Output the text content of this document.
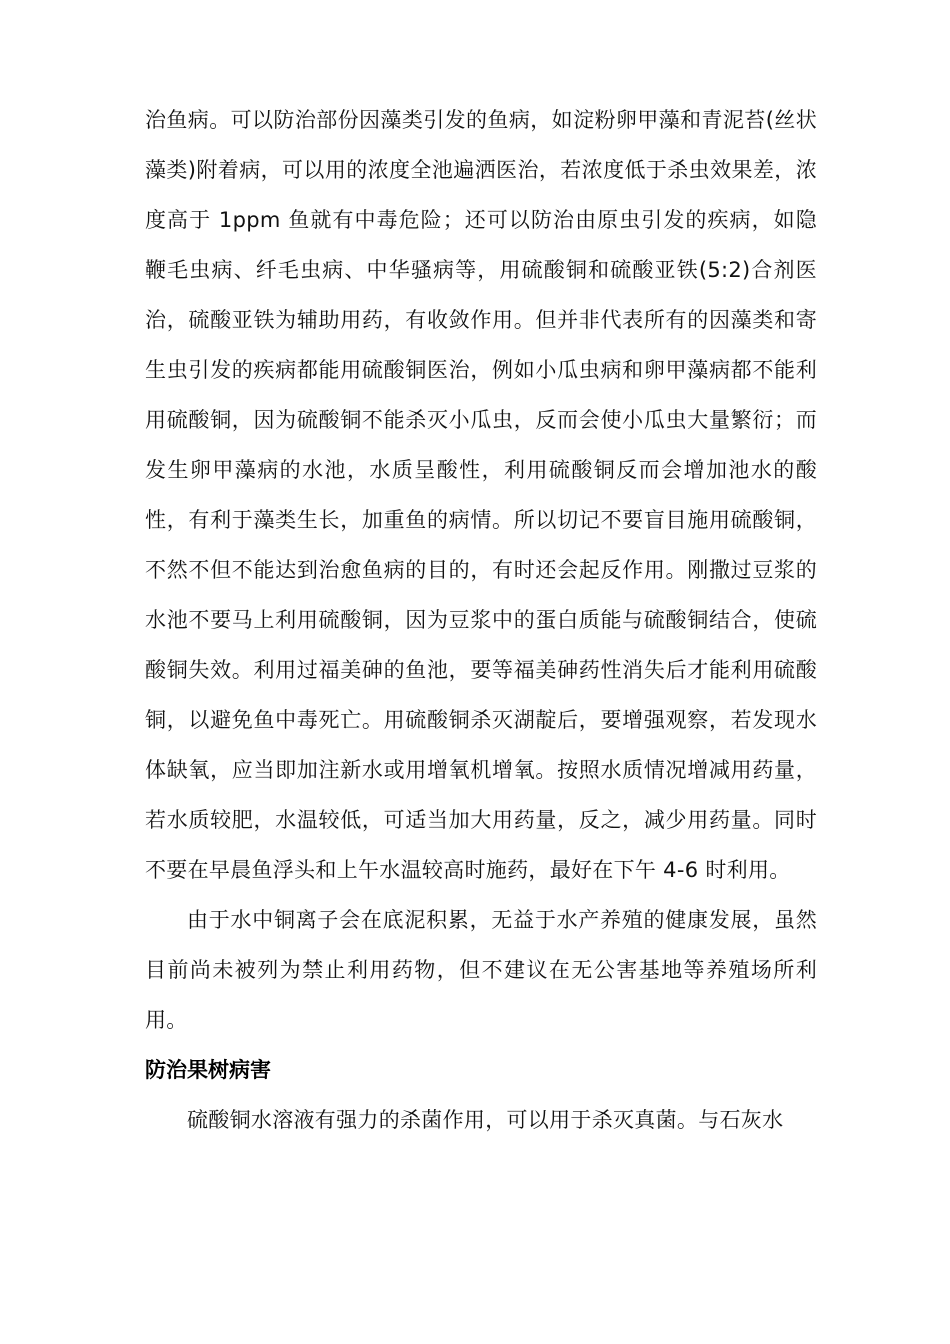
治鱼病。可以防治部份因藻类引发的鱼病，如淀粉卵甲藻和青泥苔(丝状藻类)附着病，可以用的浓度全池遍洒医治，若浓度低于杀虫效果差，浓度高于 1ppm 鱼就有中毒危险；还可以防治由原虫引发的疾病，如隐鞭毛虫病、纤毛虫病、中华骚病等，用硫酸铜和硫酸亚铁(5:2)合剂医治，硫酸亚铁为辅助用药，有收敛作用。但并非代表所有的因藻类和寄生虫引发的疾病都能用硫酸铜医治，例如小瓜虫病和卵甲藻病都不能利用硫酸铜，因为硫酸铜不能杀灭小瓜虫，反而会使小瓜虫大量繁衍；而发生卵甲藻病的水池，水质呈酸性，利用硫酸铜反而会增加池水的酸性，有利于藻类生长，加重鱼的病情。所以切记不要盲目施用硫酸铜，不然不但不能达到治愈鱼病的目的，有时还会起反作用。刚撒过豆浆的水池不要马上利用硫酸铜，因为豆浆中的蛋白质能与硫酸铜结合，使硫酸铜失效。利用过福美砷的鱼池，要等福美砷药性消失后才能利用硫酸铜，以避免鱼中毒死亡。用硫酸铜杀灭湖靛后，要增强观察，若发现水体缺氧，应当即加注新水或用增氧机增氧。按照水质情况增减用药量，若水质较肥，水温较低，可适当加大用药量，反之，减少用药量。同时不要在早晨鱼浮头和上午水温较高时施药，最好在下午 4-6 时利用。

由于水中铜离子会在底泥积累，无益于水产养殖的健康发展，虽然目前尚未被列为禁止利用药物，但不建议在无公害基地等养殖场所利用。

防治果树病害

硫酸铜水溶液有强力的杀菌作用，可以用于杀灭真菌。与石灰水
